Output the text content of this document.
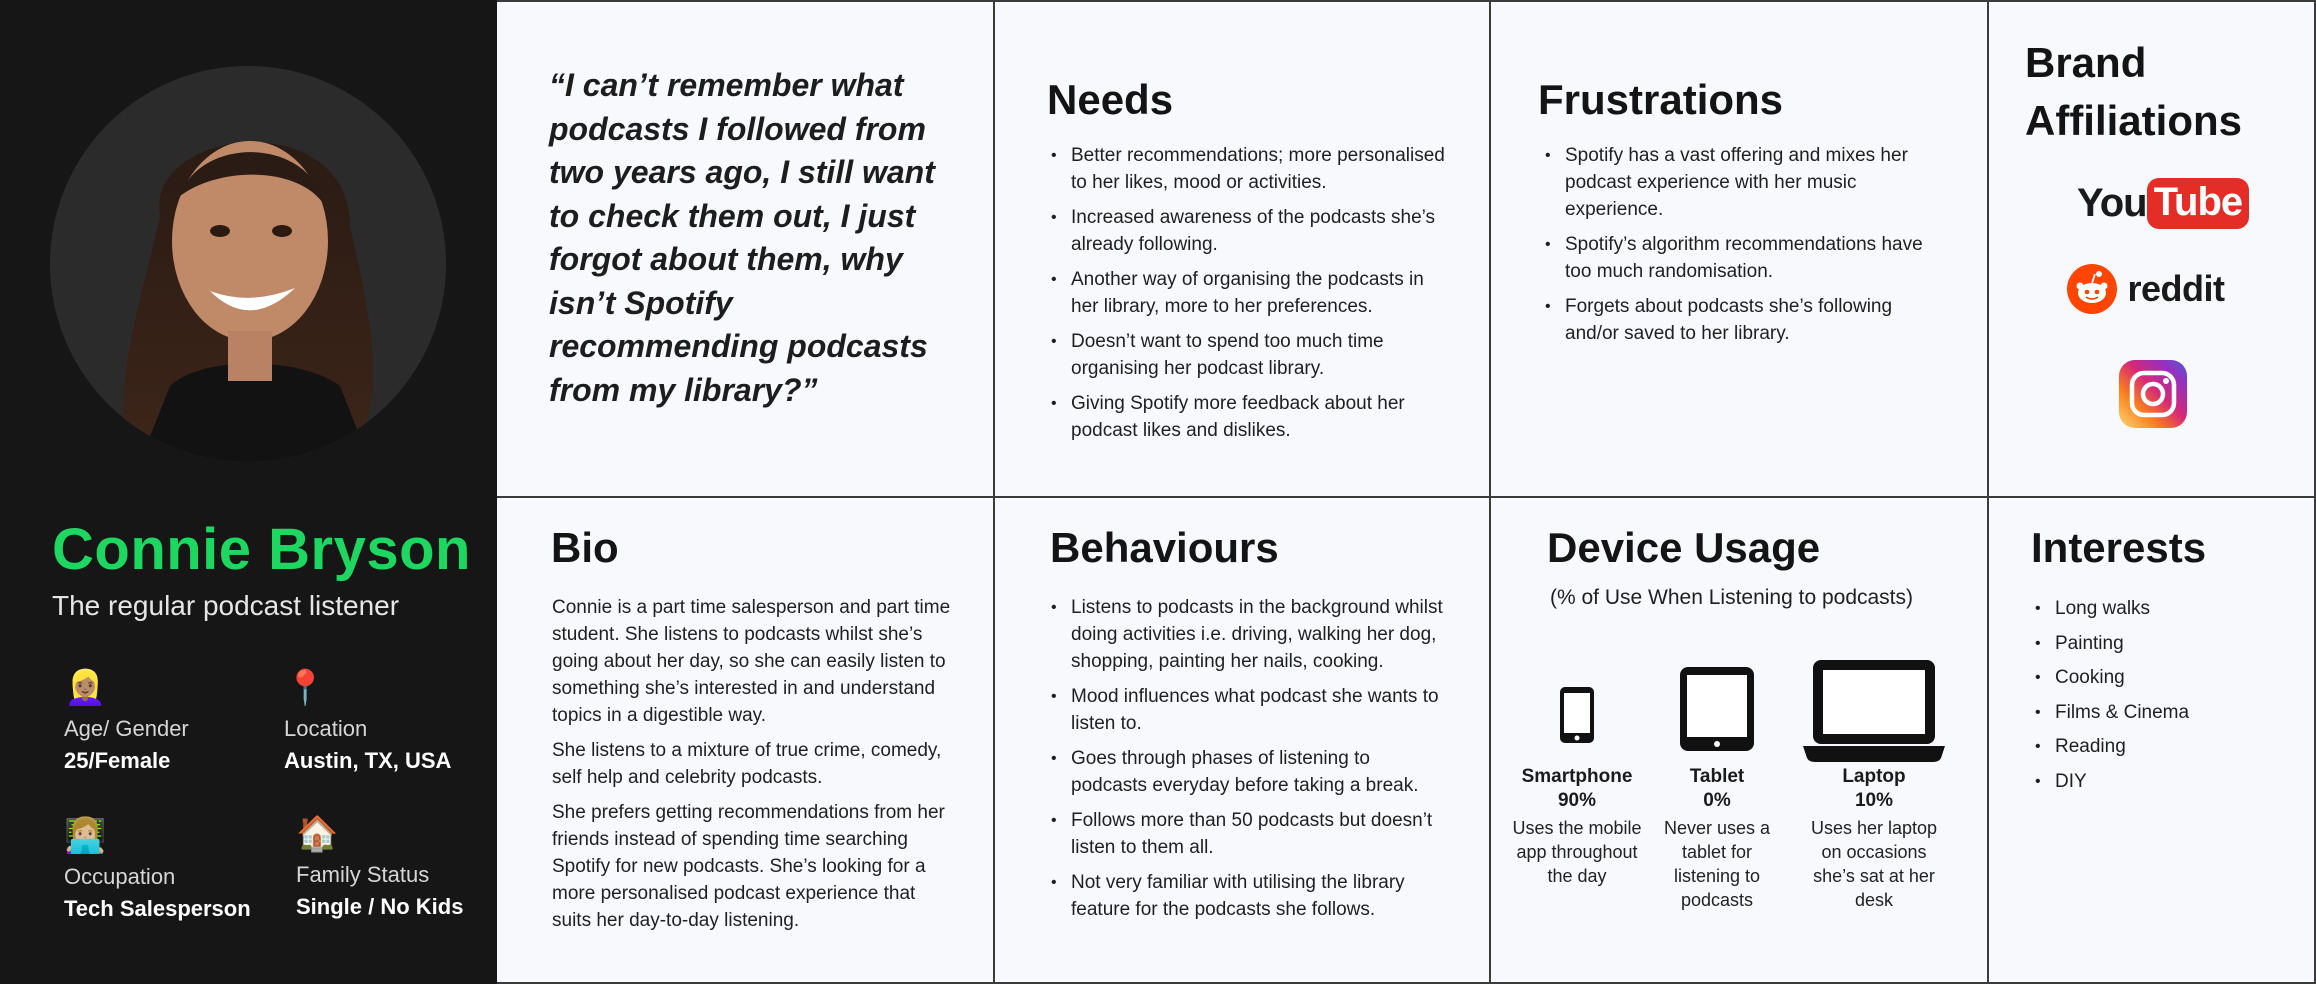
Connie Bryson
The regular podcast listener
👱🏽‍♀️
Age/ Gender
25/Female
📍
Location
Austin, TX, USA
👩🏼‍💻
Occupation
Tech Salesperson
🏠
Family Status
Single / No Kids
“I can’t remember what podcasts I followed from two years ago, I still want to check them out, I just forgot about them, why isn’t Spotify recommending podcasts from my library?”
Needs
• Better recommendations; more personalised to her likes, mood or activities.
• Increased awareness of the podcasts she’s already following.
• Another way of organising the podcasts in her library, more to her preferences.
• Doesn’t want to spend too much time organising her podcast library.
• Giving Spotify more feedback about her podcast likes and dislikes.
Frustrations
• Spotify has a vast offering and mixes her podcast experience with her music experience.
• Spotify’s algorithm recommendations have too much randomisation.
• Forgets about podcasts she’s following and/or saved to her library.
Brand Affiliations
You Tube
reddit
Bio

Connie is a part time salesperson and part time student. She listens to podcasts whilst she’s going about her day, so she can easily listen to something she’s interested in and understand topics in a digestible way.

She listens to a mixture of true crime, comedy, self help and celebrity podcasts.

She prefers getting recommendations from her friends instead of spending time searching Spotify for new podcasts. She’s looking for a more personalised podcast experience that suits her day-to-day listening.

Behaviours
• Listens to podcasts in the background whilst doing activities i.e. driving, walking her dog, shopping, painting her nails, cooking.
• Mood influences what podcast she wants to listen to.
• Goes through phases of listening to podcasts everyday before taking a break.
• Follows more than 50 podcasts but doesn’t listen to them all.
• Not very familiar with utilising the library feature for the podcasts she follows.
Device Usage
(% of Use When Listening to podcasts)
Smartphone
90%
Uses the mobile app throughout the day
Tablet
0%
Never uses a tablet for listening to podcasts
Laptop
10%
Uses her laptop on occasions she’s sat at her desk
Interests
• Long walks
• Painting
• Cooking
• Films & Cinema
• Reading
• DIY
